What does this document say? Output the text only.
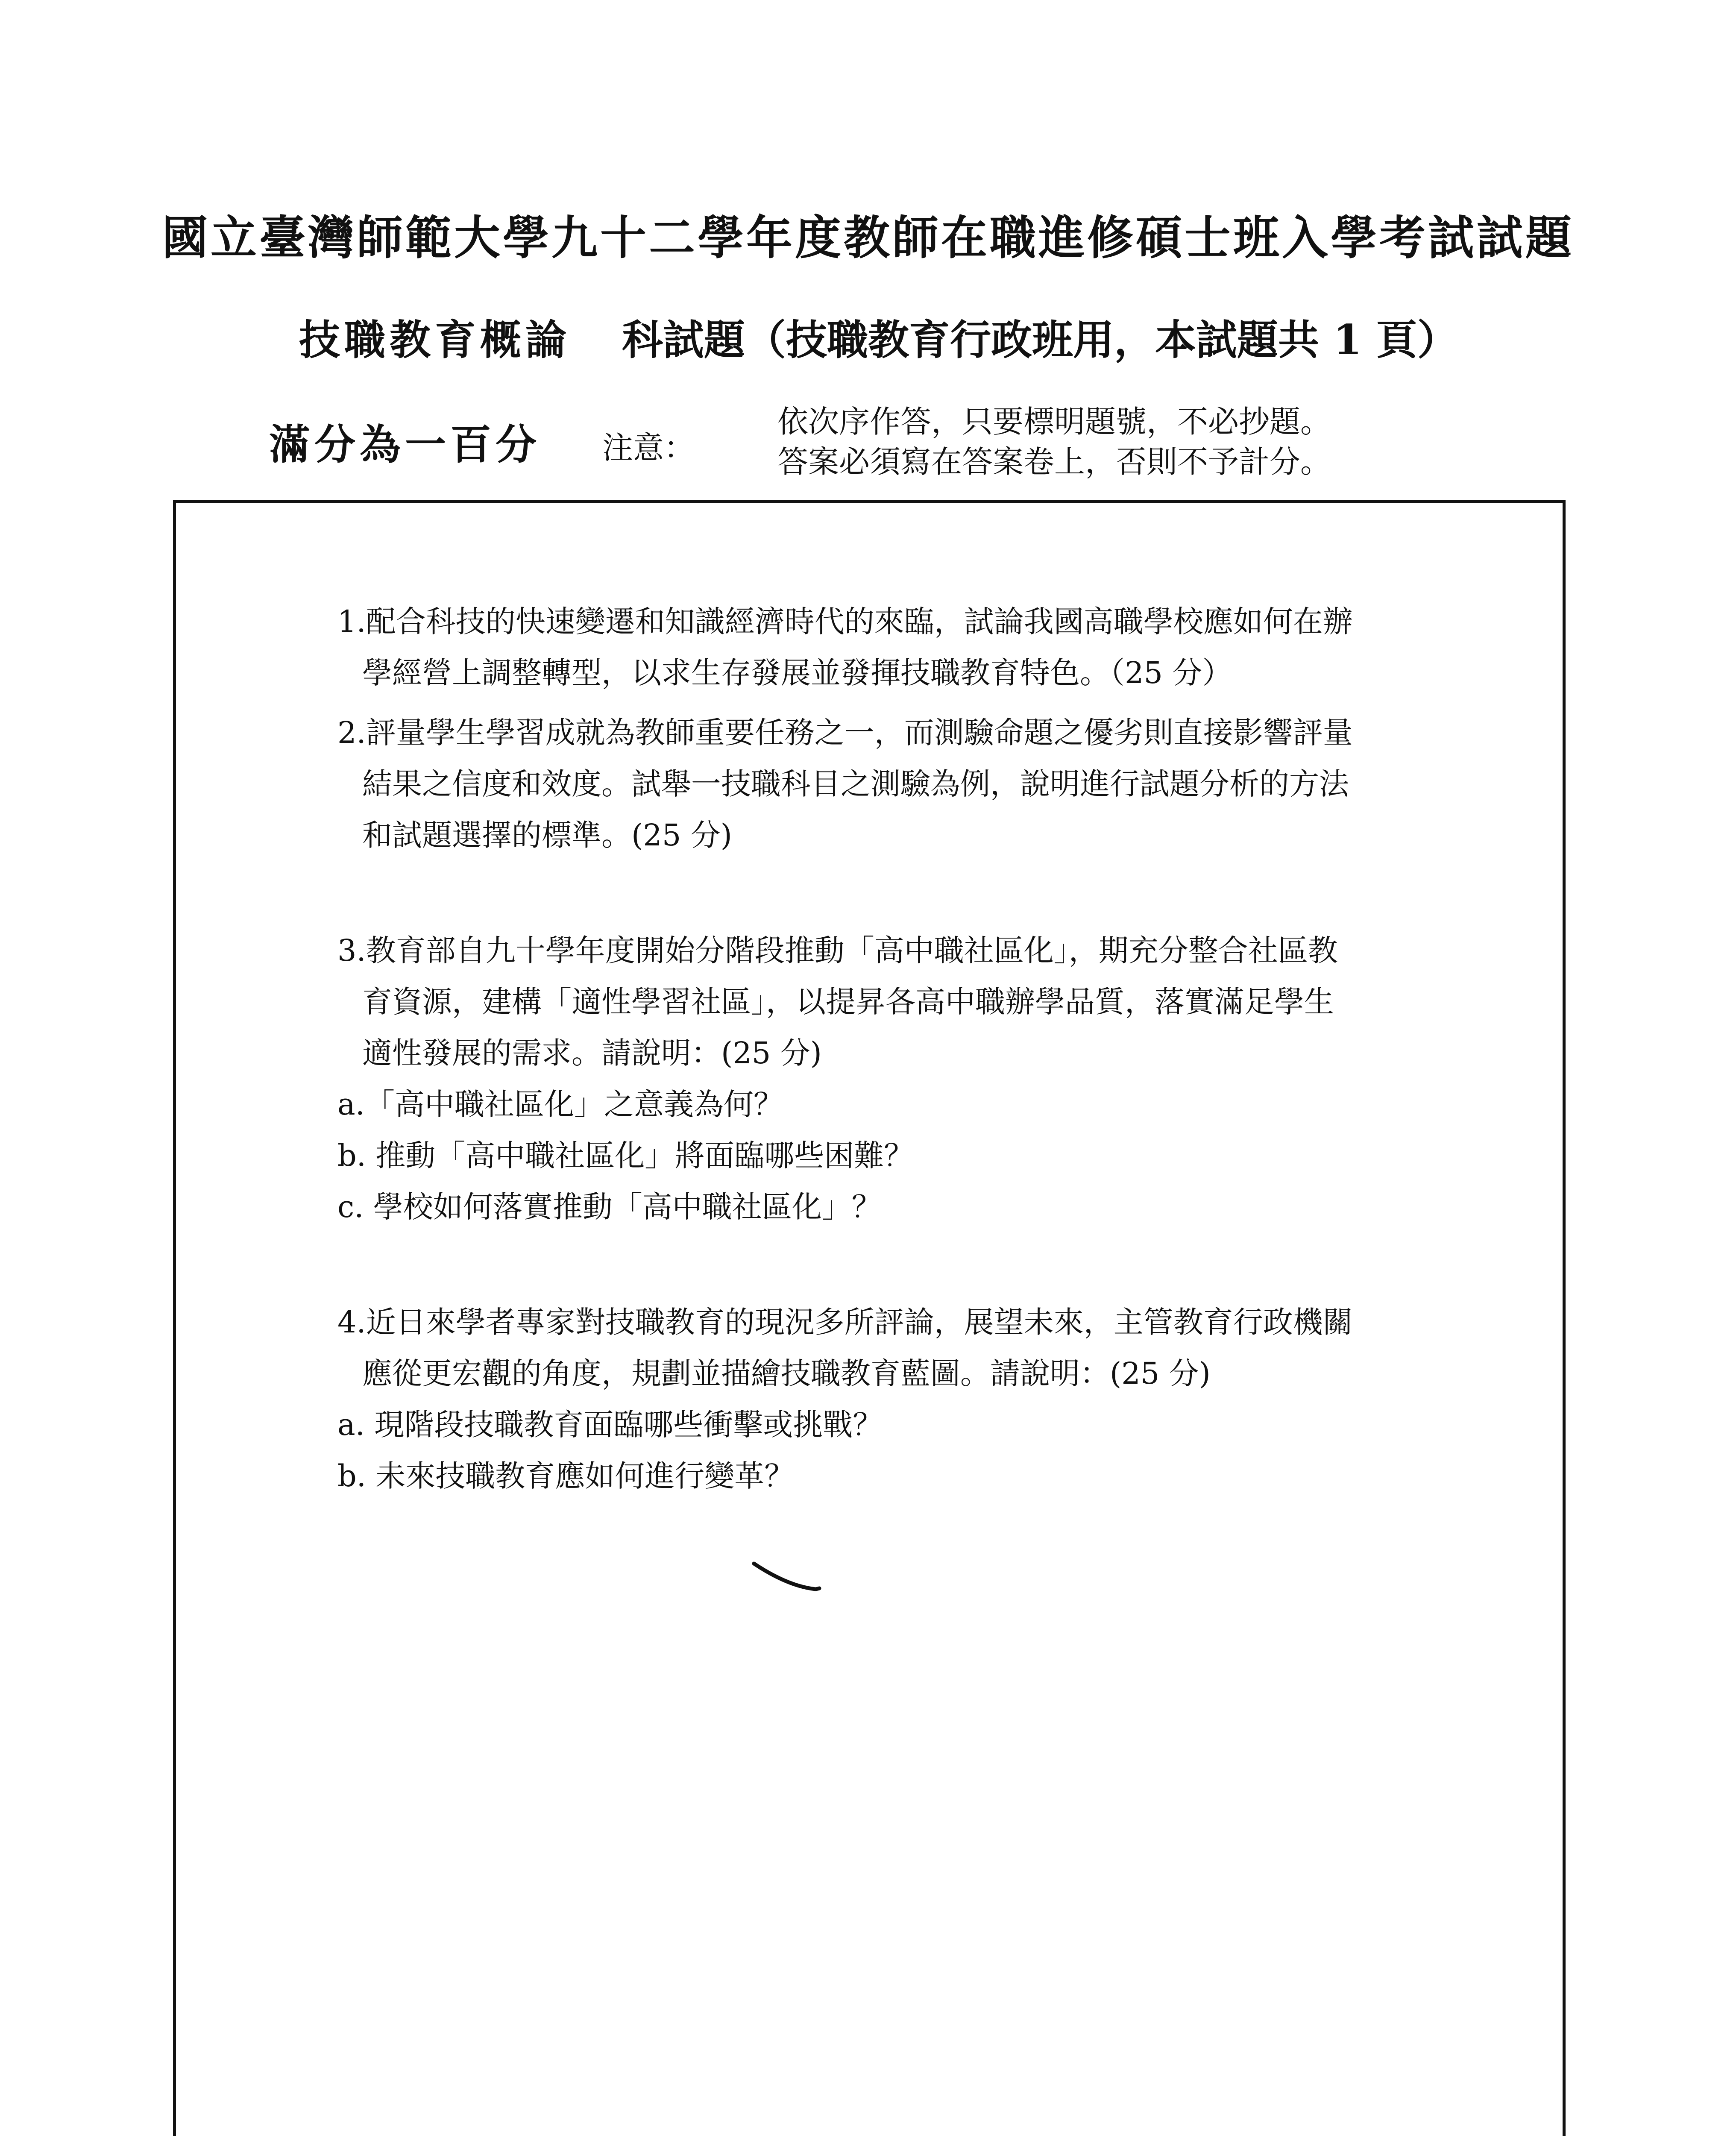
國立臺灣師範大學九十二學年度教師在職進修碩士班入學考試試題
技職教育概論 科試題（技職教育行政班用，本試題共 1 頁）
滿分為一百分 注意：
依次序作答，只要標明題號，不必抄題。
答案必須寫在答案卷上，否則不予計分。
1.配合科技的快速變遷和知識經濟時代的來臨，試論我國高職學校應如何在辦
學經營上調整轉型，以求生存發展並發揮技職教育特色。（25 分）
2.評量學生學習成就為教師重要任務之一，而測驗命題之優劣則直接影響評量
結果之信度和效度。試舉一技職科目之測驗為例，說明進行試題分析的方法
和試題選擇的標準。(25 分)
3.教育部自九十學年度開始分階段推動「高中職社區化」，期充分整合社區教
育資源，建構「適性學習社區」，以提昇各高中職辦學品質，落實滿足學生
適性發展的需求。請說明：(25 分)
a.「高中職社區化」之意義為何？
b. 推動「高中職社區化」將面臨哪些困難？
c. 學校如何落實推動「高中職社區化」？
4.近日來學者專家對技職教育的現況多所評論，展望未來，主管教育行政機關
應從更宏觀的角度，規劃並描繪技職教育藍圖。請說明：(25 分)
a. 現階段技職教育面臨哪些衝擊或挑戰？
b. 未來技職教育應如何進行變革？
